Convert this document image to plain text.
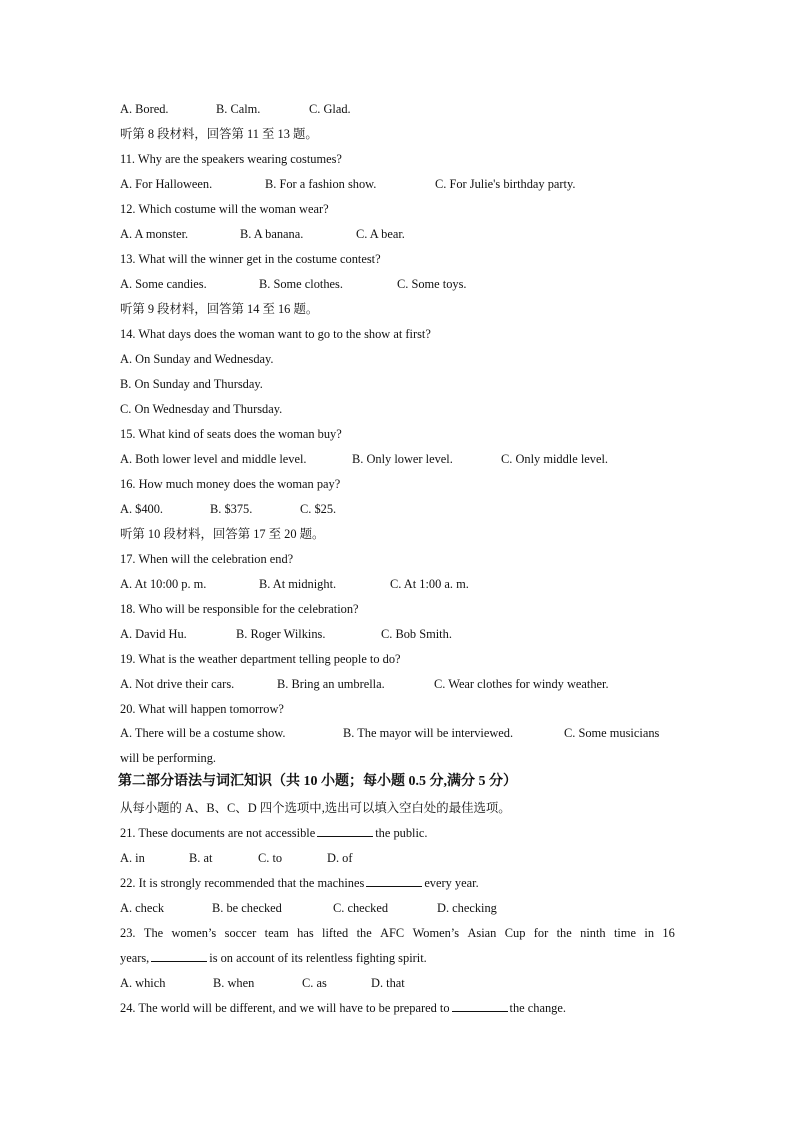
A. Bored.	B. Calm.	C. Glad.
听第 8 段材料，回答第 11 至 13 题。
11. Why are the speakers wearing costumes?
A. For Halloween.	B. For a fashion show.	C. For Julie's birthday party.
12. Which costume will the woman wear?
A. A monster.	B. A banana.	C. A bear.
13. What will the winner get in the costume contest?
A. Some candies.	B. Some clothes.	C. Some toys.
听第 9 段材料，回答第 14 至 16 题。
14. What days does the woman want to go to the show at first?
A. On Sunday and Wednesday.
B. On Sunday and Thursday.
C. On Wednesday and Thursday.
15. What kind of seats does the woman buy?
A. Both lower level and middle level.	B. Only lower level.	C. Only middle level.
16. How much money does the woman pay?
A. $400.	B. $375.	C. $25.
听第 10 段材料，回答第 17 至 20 题。
17. When will the celebration end?
A. At 10:00 p. m.	B. At midnight.	C. At 1:00 a. m.
18. Who will be responsible for the celebration?
A. David Hu.	B. Roger Wilkins.	C. Bob Smith.
19. What is the weather department telling people to do?
A. Not drive their cars.	B. Bring an umbrella.	C. Wear clothes for windy weather.
20. What will happen tomorrow?
A. There will be a costume show.	B. The mayor will be interviewed.	C. Some musicians
will be performing.
第二部分语法与词汇知识（共 10 小题；每小题 0.5 分,满分 5 分）
从每小题的 A、B、C、D 四个选项中,选出可以填入空白处的最佳选项。
21. These documents are not accessible	the public.
A. in	B. at	C. to	D. of
22. It is strongly recommended that the machines	every year.
A. check	B. be checked	C. checked	D. checking
23. The women’s soccer team has lifted the AFC Women’s Asian Cup for the ninth time in 16
years,	is on account of its relentless fighting spirit.
A. which	B. when	C. as	D. that
24. The world will be different, and we will have to be prepared to	the change.
